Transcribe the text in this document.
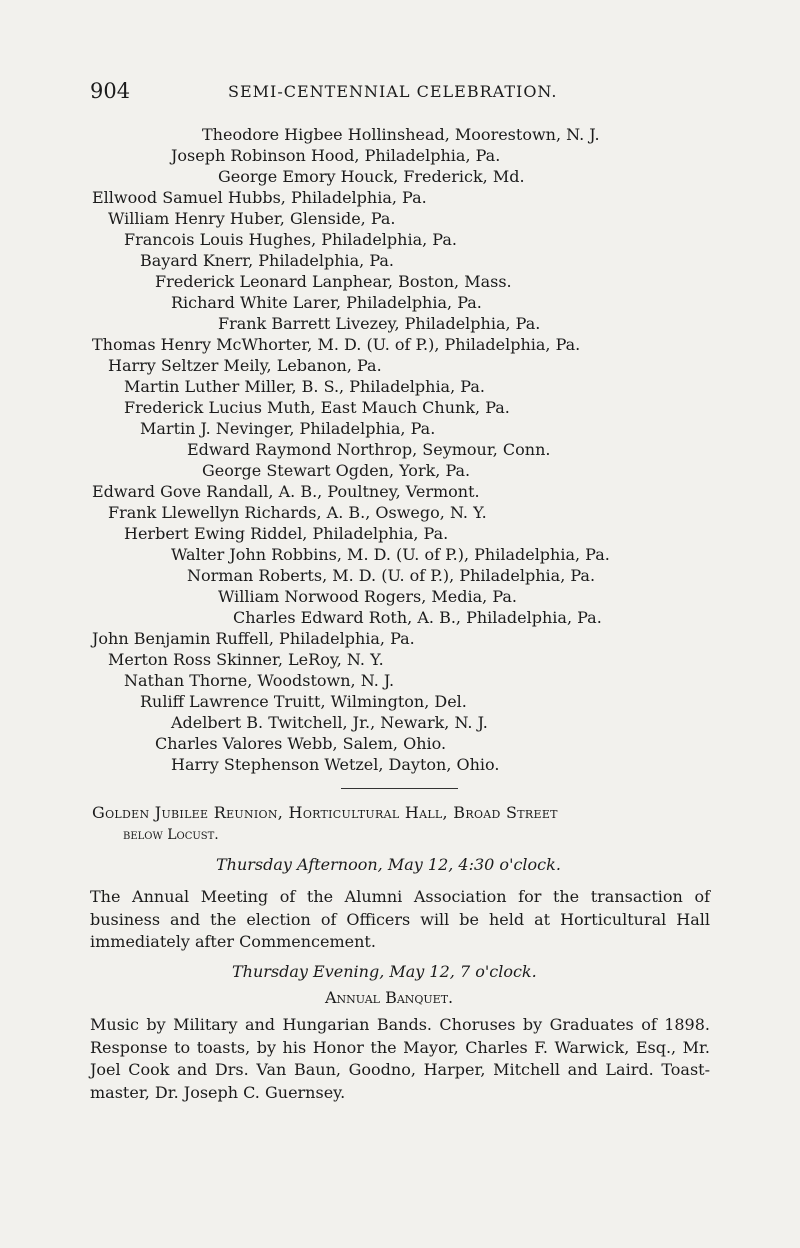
904	SEMI-CENTENNIAL CELEBRATION.
Theodore Higbee Hollinshead, Moorestown, N. J.
Joseph Robinson Hood, Philadelphia, Pa.
George Emory Houck, Frederick, Md.
Ellwood Samuel Hubbs, Philadelphia, Pa.
William Henry Huber, Glenside, Pa.
Francois Louis Hughes, Philadelphia, Pa.
Bayard Knerr, Philadelphia, Pa.
Frederick Leonard Lanphear, Boston, Mass.
Richard White Larer, Philadelphia, Pa.
Frank Barrett Livezey, Philadelphia, Pa.
Thomas Henry McWhorter, M. D. (U. of P.), Philadelphia, Pa.
Harry Seltzer Meily, Lebanon, Pa.
Martin Luther Miller, B. S., Philadelphia, Pa.
Frederick Lucius Muth, East Mauch Chunk, Pa.
Martin J. Nevinger, Philadelphia, Pa.
Edward Raymond Northrop, Seymour, Conn.
George Stewart Ogden, York, Pa.
Edward Gove Randall, A. B., Poultney, Vermont.
Frank Llewellyn Richards, A. B., Oswego, N. Y.
Herbert Ewing Riddel, Philadelphia, Pa.
Walter John Robbins, M. D. (U. of P.), Philadelphia, Pa.
Norman Roberts, M. D. (U. of P.), Philadelphia, Pa.
William Norwood Rogers, Media, Pa.
Charles Edward Roth, A. B., Philadelphia, Pa.
John Benjamin Ruffell, Philadelphia, Pa.
Merton Ross Skinner, LeRoy, N. Y.
Nathan Thorne, Woodstown, N. J.
Ruliff Lawrence Truitt, Wilmington, Del.
Adelbert B. Twitchell, Jr., Newark, N. J.
Charles Valores Webb, Salem, Ohio.
Harry Stephenson Wetzel, Dayton, Ohio.
Golden Jubilee Reunion, Horticultural Hall, Broad Street
below Locust.
Thursday Afternoon, May 12, 4:30 o'clock.
The Annual Meeting of the Alumni Association for the transaction of business and the election of Officers will be held at Horticultural Hall immediately after Commencement.
Thursday Evening, May 12, 7 o'clock.
Annual Banquet.
Music by Military and Hungarian Bands. Choruses by Graduates of 1898. Response to toasts, by his Honor the Mayor, Charles F. Warwick, Esq., Mr. Joel Cook and Drs. Van Baun, Goodno, Harper, Mitchell and Laird. Toast-master, Dr. Joseph C. Guernsey.
